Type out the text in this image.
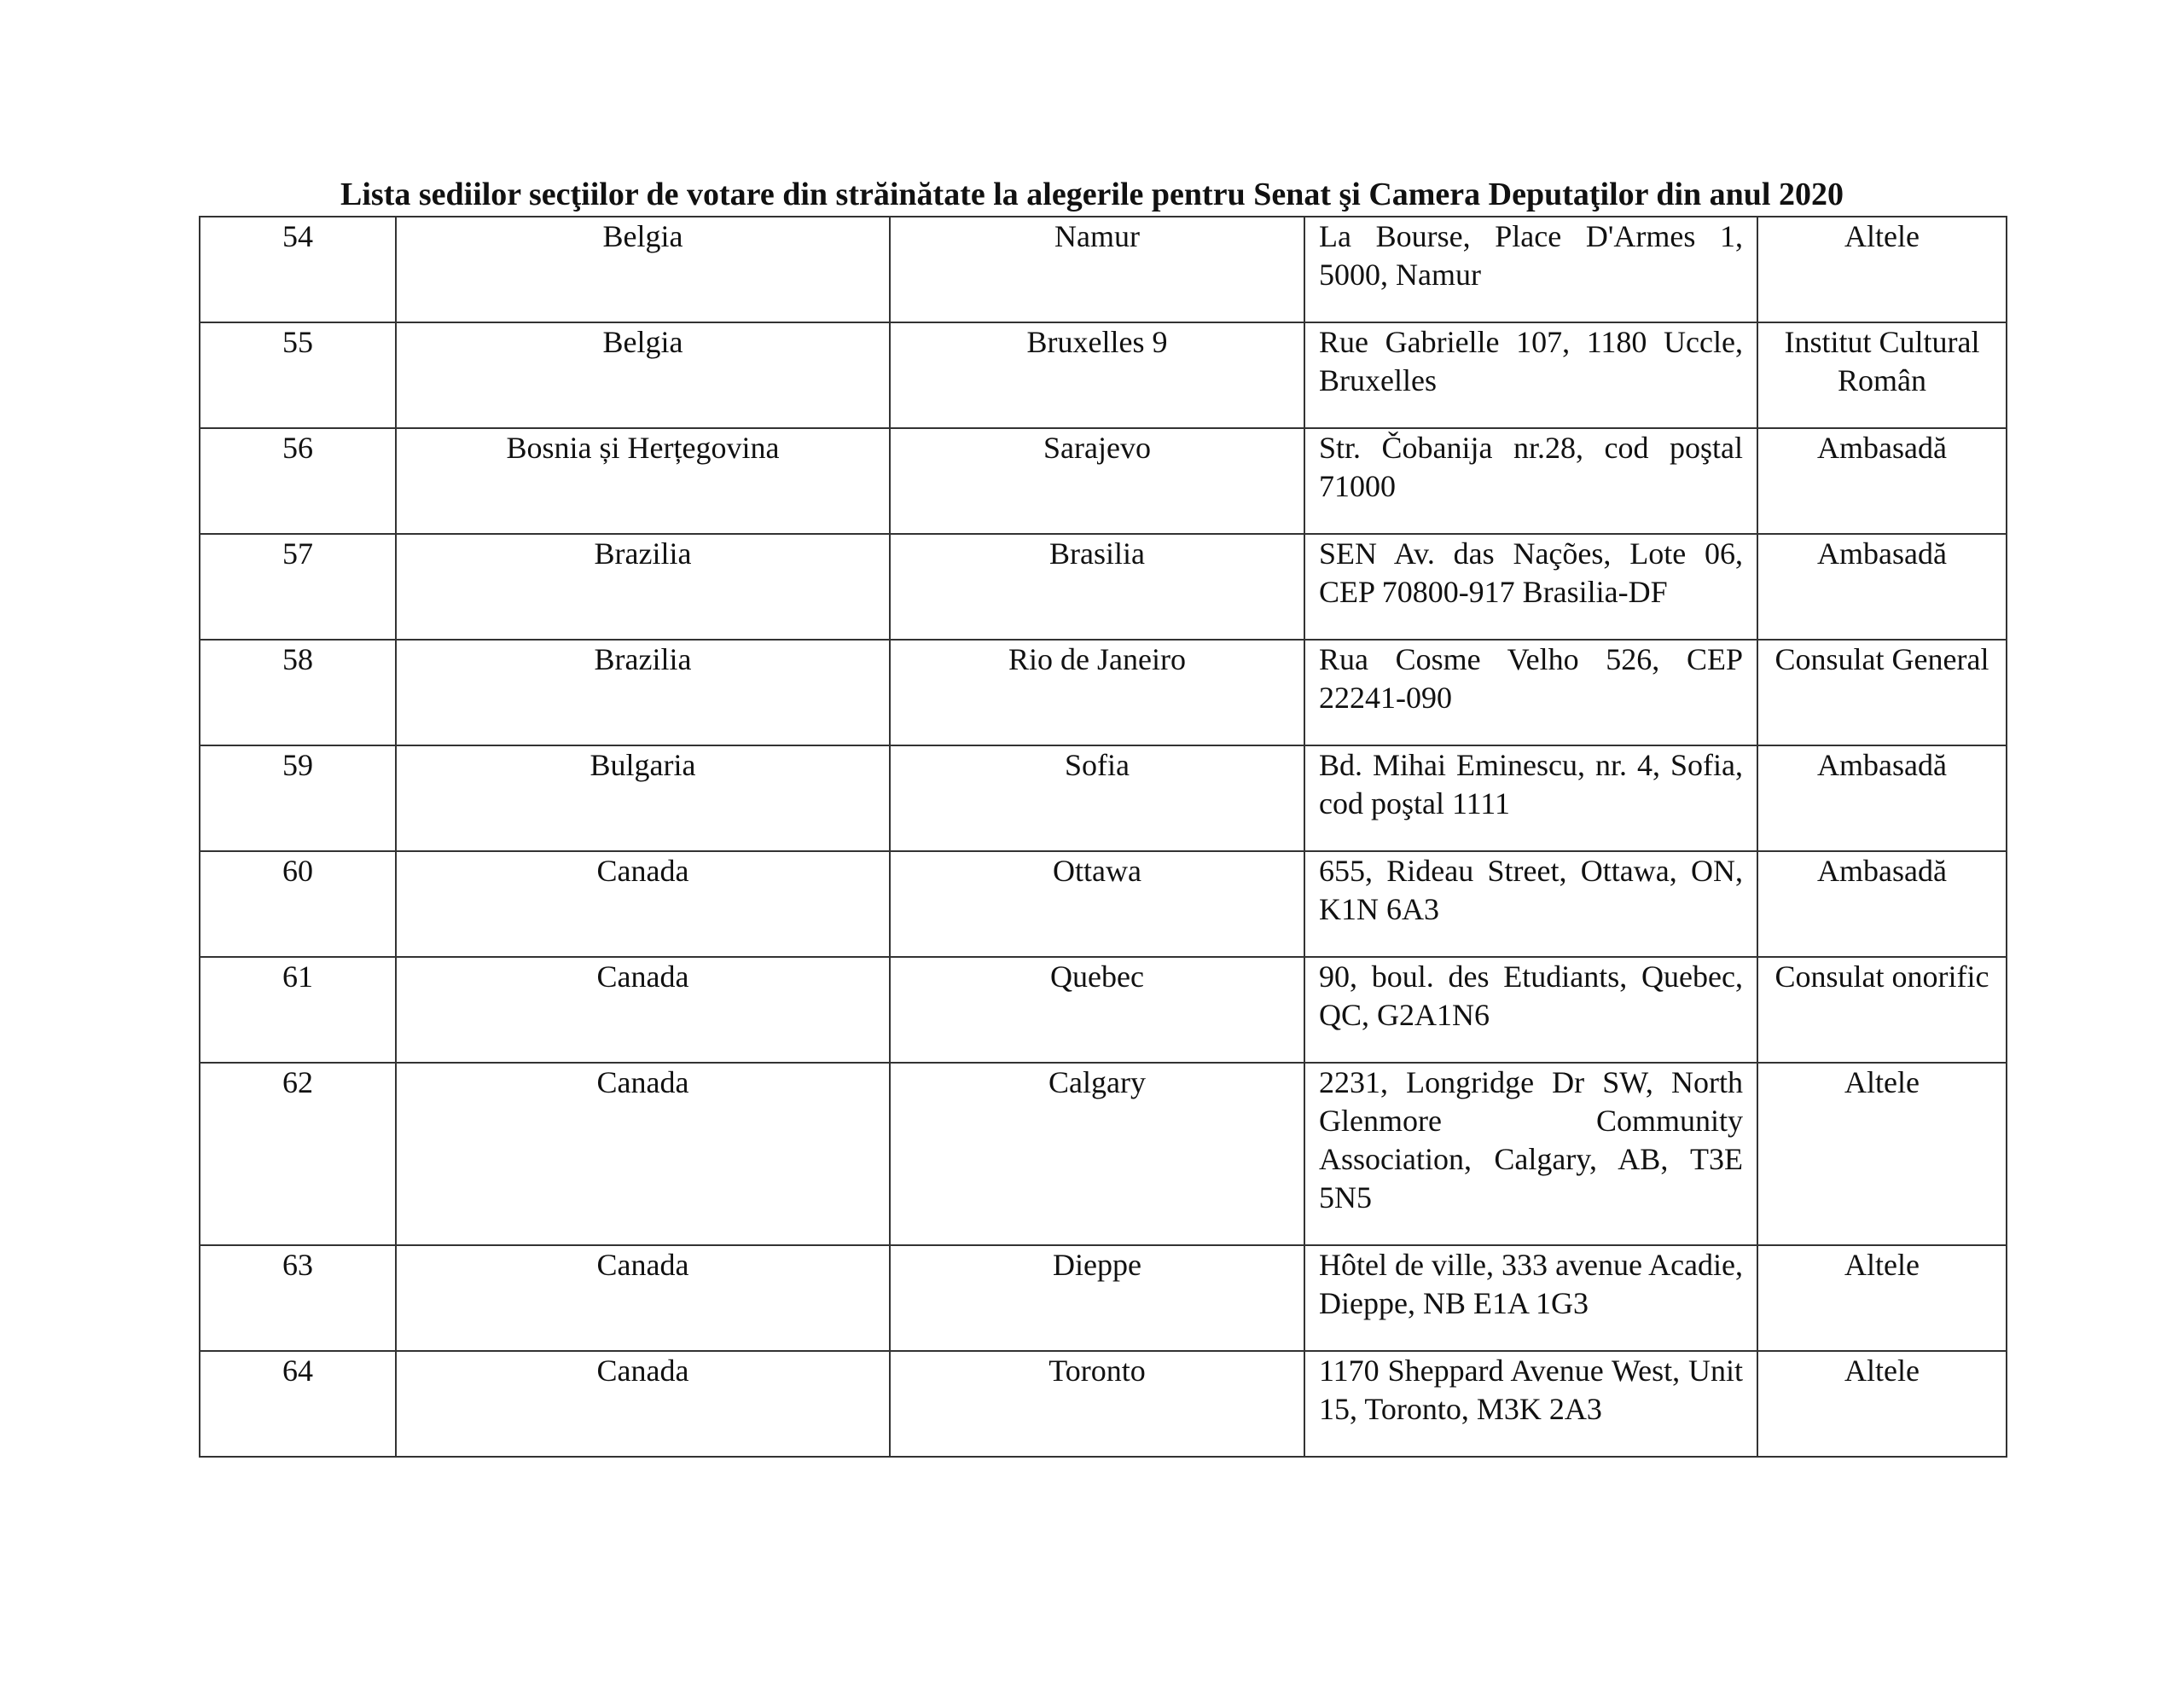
Lista sediilor secţiilor de votare din străinătate la alegerile pentru Senat şi Camera Deputaţilor din anul 2020
54	Belgia	Namur	La Bourse, Place D'Armes 1, 5000, Namur	Altele

55	Belgia	Bruxelles 9	Rue Gabrielle 107, 1180 Uccle, Bruxelles	Institut Cultural Român

56	Bosnia și Herțegovina	Sarajevo	Str. Čobanija nr.28, cod poştal 71000	Ambasadă

57	Brazilia	Brasilia	SEN Av. das Nações, Lote 06, CEP 70800-917 Brasilia-DF	Ambasadă

58	Brazilia	Rio de Janeiro	Rua Cosme Velho 526, CEP 22241-090	Consulat General

59	Bulgaria	Sofia	Bd. Mihai Eminescu, nr. 4, Sofia, cod poştal 1111	Ambasadă

60	Canada	Ottawa	655, Rideau Street, Ottawa, ON, K1N 6A3	Ambasadă

61	Canada	Quebec	90, boul. des Etudiants, Quebec, QC, G2A1N6	Consulat onorific

62	Canada	Calgary	2231, Longridge Dr SW, North Glenmore Community Association, Calgary, AB, T3E 5N5	Altele

63	Canada	Dieppe	Hôtel de ville, 333 avenue Acadie, Dieppe, NB E1A 1G3	Altele

64	Canada	Toronto	1170 Sheppard Avenue West, Unit 15, Toronto, M3K 2A3	Altele
